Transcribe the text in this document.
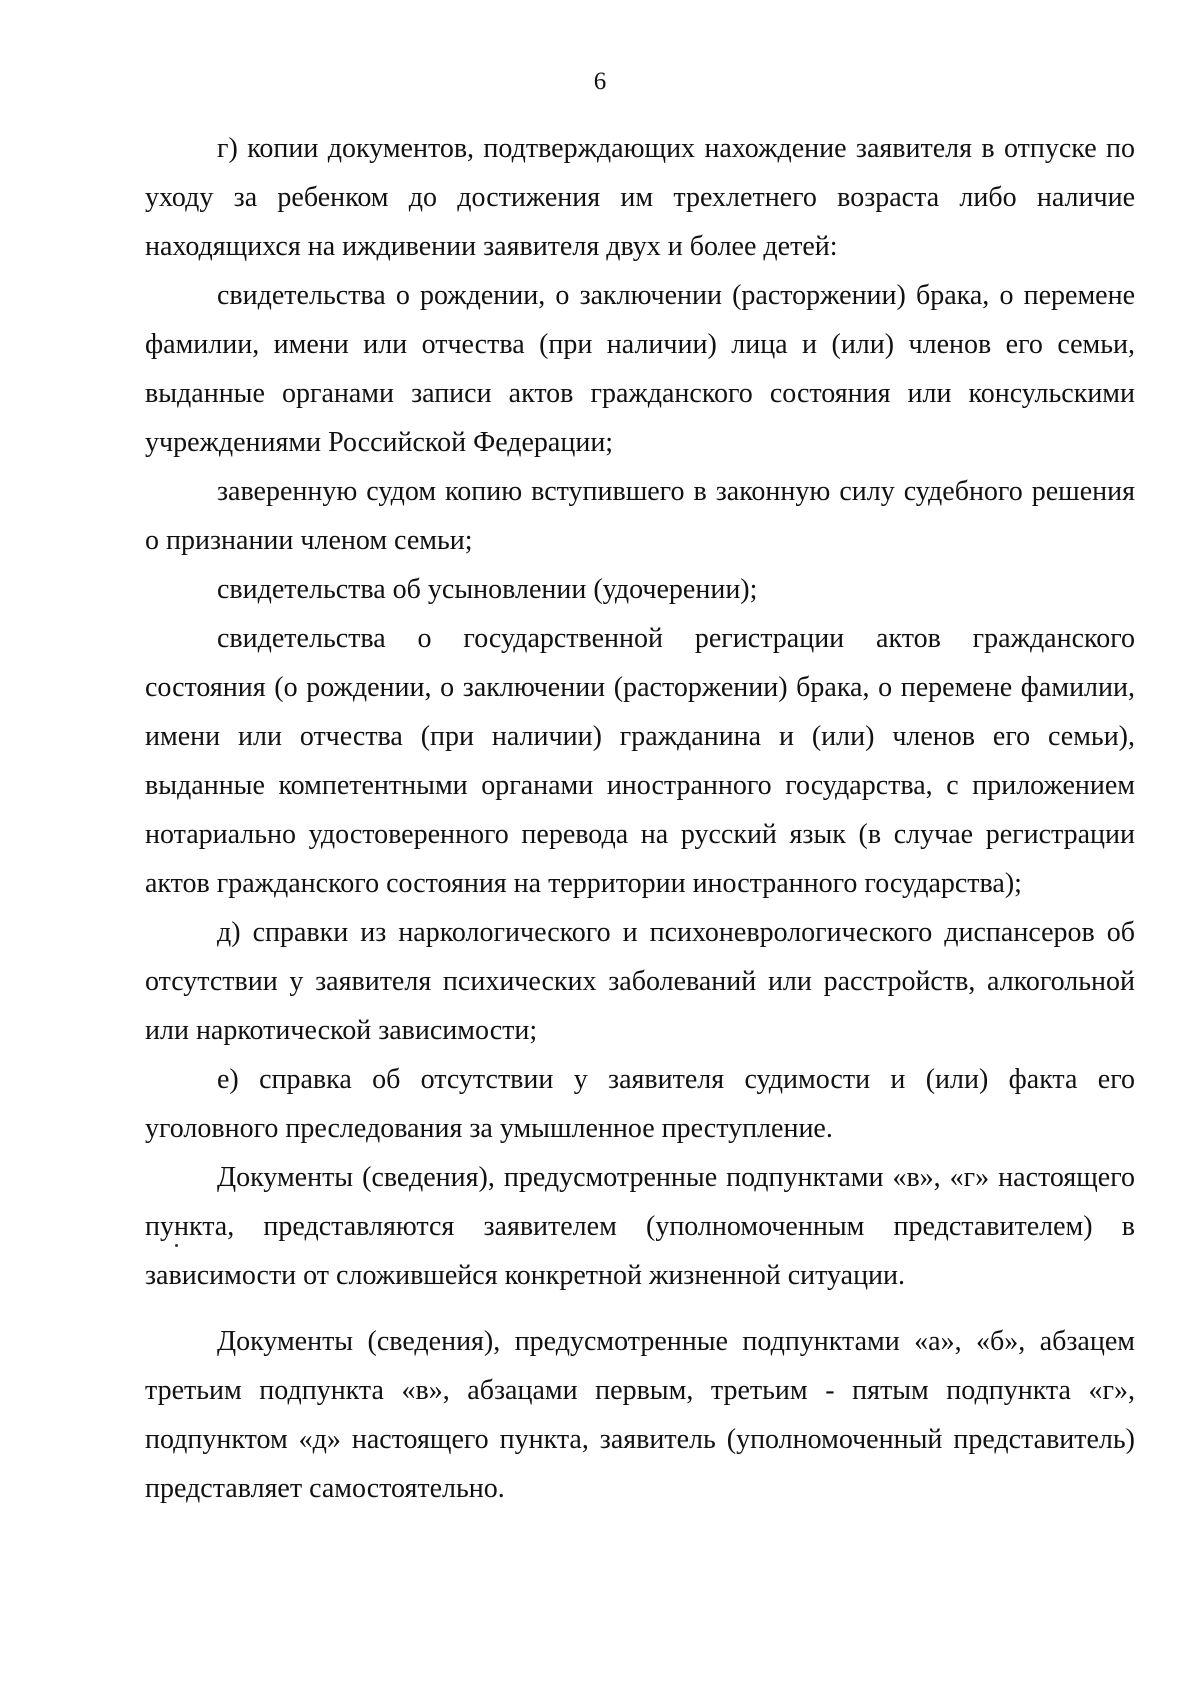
6

г) копии документов, подтверждающих нахождение заявителя в отпуске по уходу за ребенком до достижения им трехлетнего возраста либо наличие находящихся на иждивении заявителя двух и более детей:

свидетельства о рождении, о заключении (расторжении) брака, о перемене фамилии, имени или отчества (при наличии) лица и (или) членов его семьи, выданные органами записи актов гражданского состояния или консульскими учреждениями Российской Федерации;

заверенную судом копию вступившего в законную силу судебного решения о признании членом семьи;

свидетельства об усыновлении (удочерении);

свидетельства о государственной регистрации актов гражданского состояния (о рождении, о заключении (расторжении) брака, о перемене фамилии, имени или отчества (при наличии) гражданина и (или) членов его семьи), выданные компетентными органами иностранного государства, с приложением нотариально удостоверенного перевода на русский язык (в случае регистрации актов гражданского состояния на территории иностранного государства);

д) справки из наркологического и психоневрологического диспансеров об отсутствии у заявителя психических заболеваний или расстройств, алкогольной или наркотической зависимости;

е) справка об отсутствии у заявителя судимости и (или) факта его уголовного преследования за умышленное преступление.

Документы (сведения), предусмотренные подпунктами «в», «г» настоящего пункта, представляются заявителем (уполномоченным представителем) в зависимости от сложившейся конкретной жизненной ситуации.

Документы (сведения), предусмотренные подпунктами «а», «б», абзацем третьим подпункта «в», абзацами первым, третьим - пятым подпункта «г», подпунктом «д» настоящего пункта, заявитель (уполномоченный представитель) представляет самостоятельно.
